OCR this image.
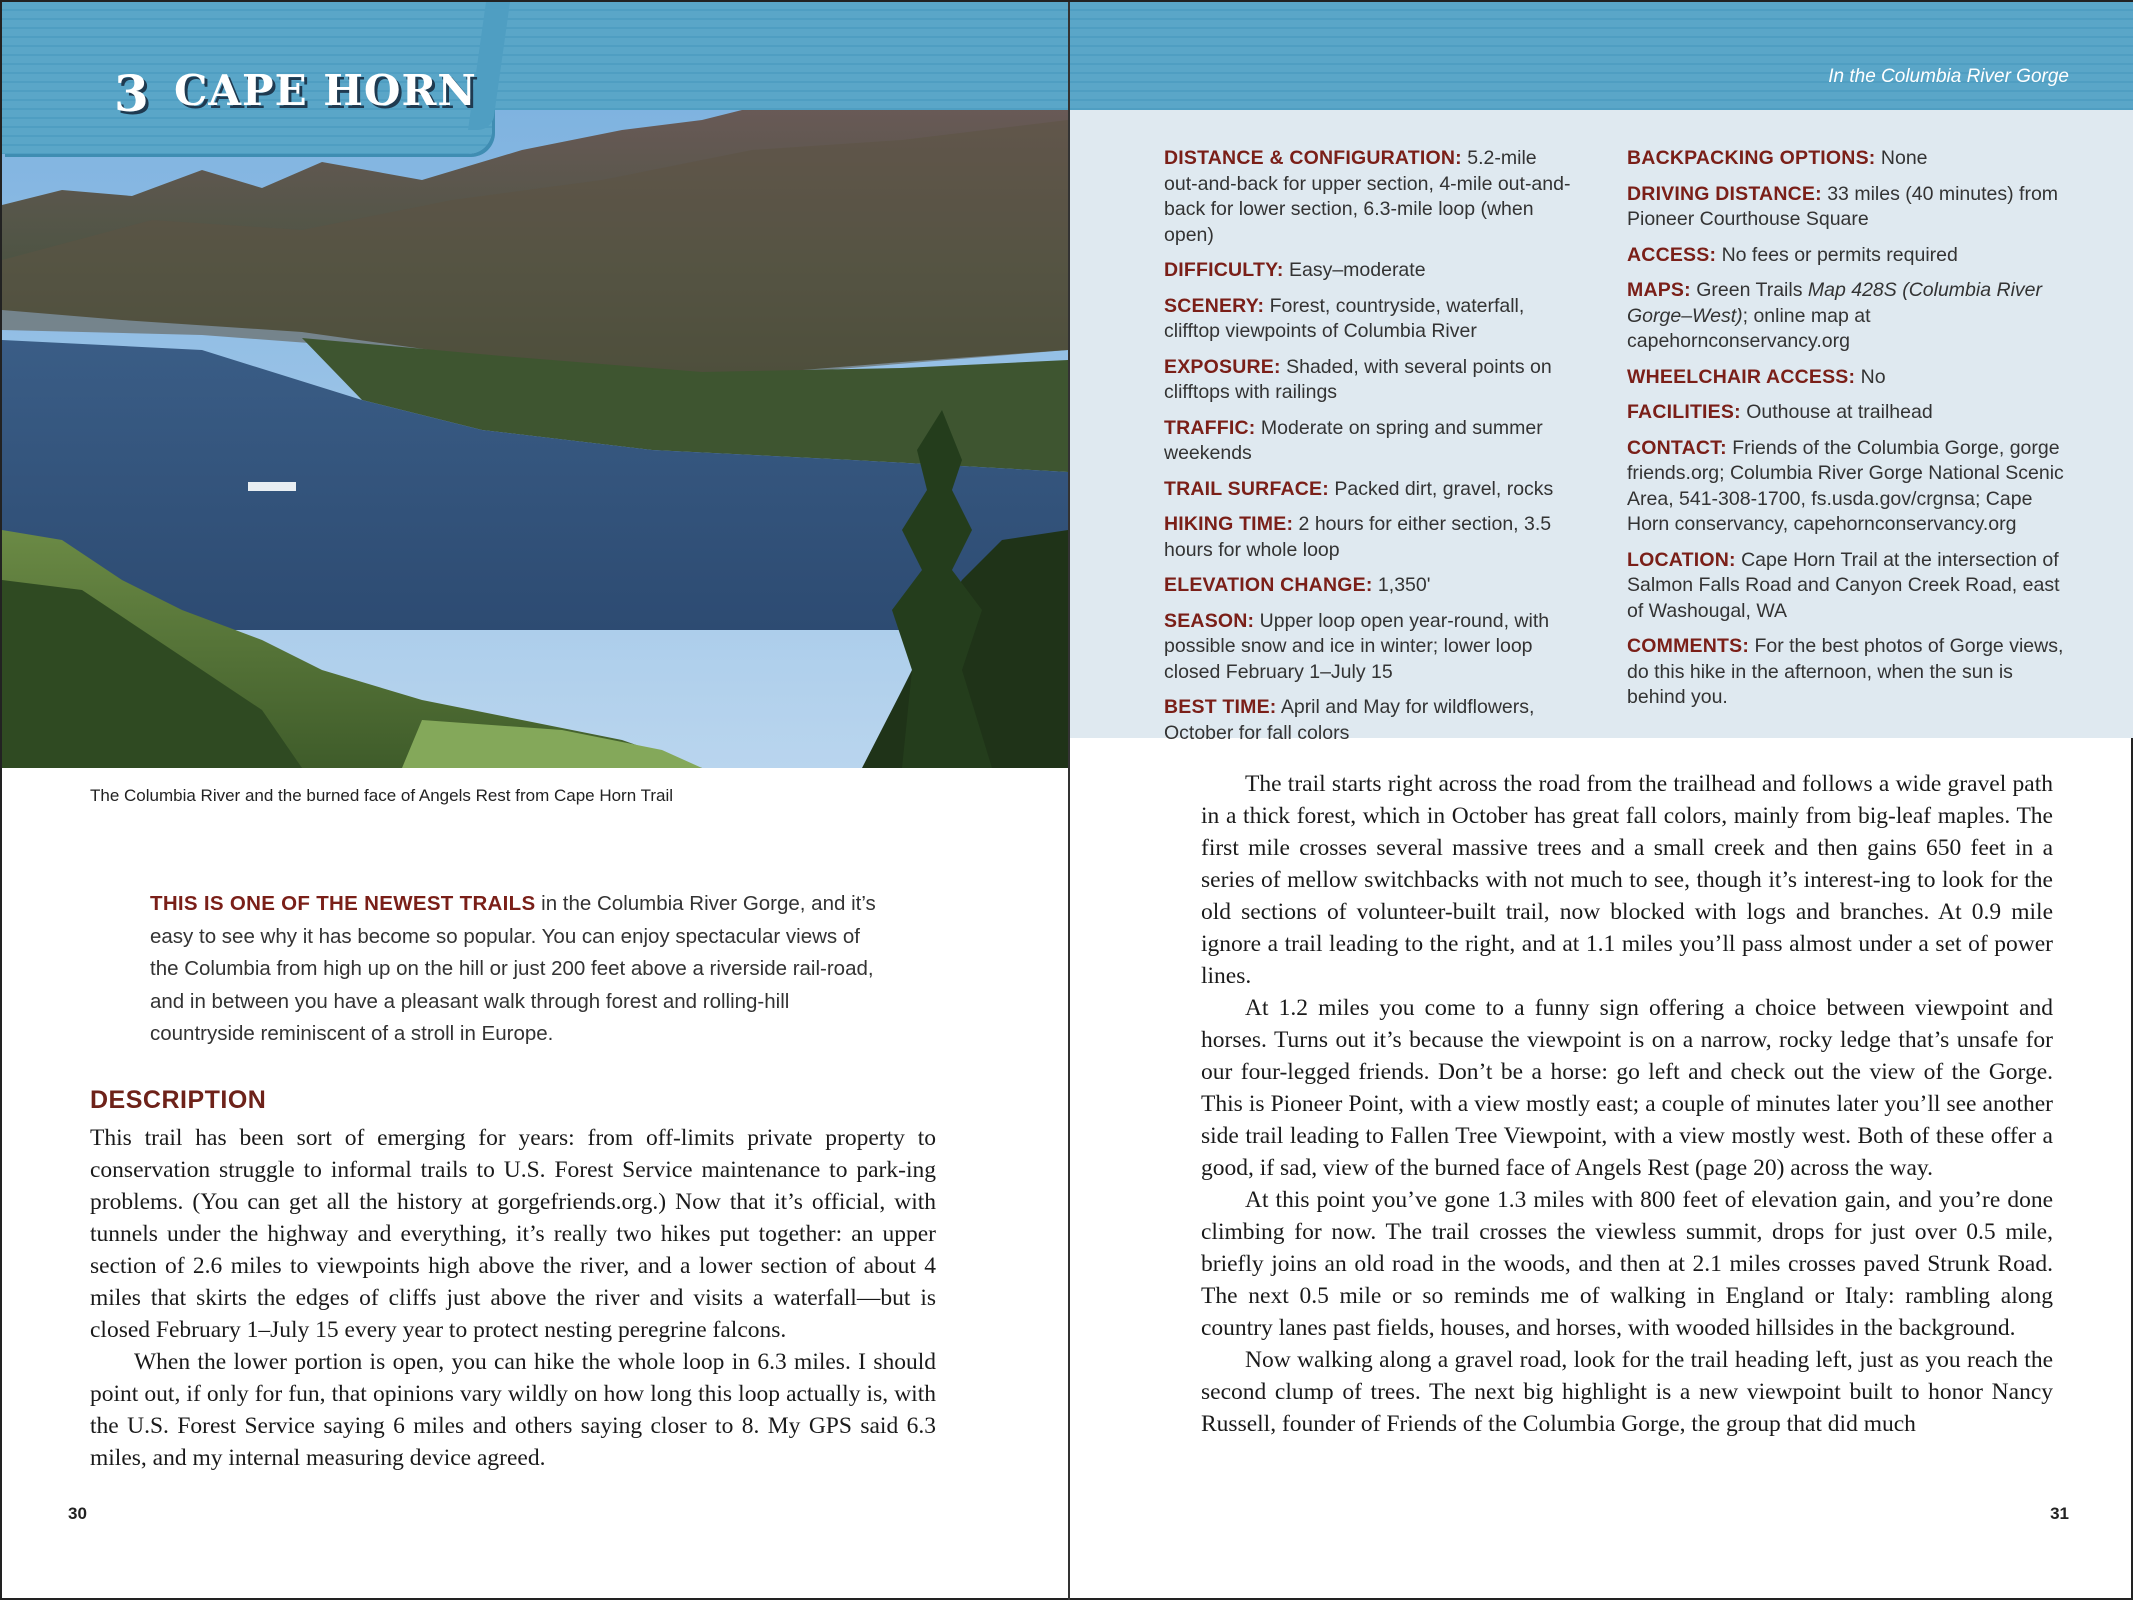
3 CAPE HORN
The Columbia River and the burned face of Angels Rest from Cape Horn Trail
THIS IS ONE OF THE NEWEST TRAILS in the Columbia River Gorge, and it’s easy to see why it has become so popular. You can enjoy spectacular views of the Columbia from high up on the hill or just 200 feet above a riverside rail-road, and in between you have a pleasant walk through forest and rolling-hill countryside reminiscent of a stroll in Europe.
DESCRIPTION

This trail has been sort of emerging for years: from off-limits private property to conservation struggle to informal trails to U.S. Forest Service maintenance to park-ing problems. (You can get all the history at gorgefriends.org.) Now that it’s official, with tunnels under the highway and everything, it’s really two hikes put together: an upper section of 2.6 miles to viewpoints high above the river, and a lower section of about 4 miles that skirts the edges of cliffs just above the river and visits a waterfall—but is closed February 1–July 15 every year to protect nesting peregrine falcons.

When the lower portion is open, you can hike the whole loop in 6.3 miles. I should point out, if only for fun, that opinions vary wildly on how long this loop actually is, with the U.S. Forest Service saying 6 miles and others saying closer to 8. My GPS said 6.3 miles, and my internal measuring device agreed.

30
In the Columbia River Gorge
DISTANCE & CONFIGURATION: 5.2-mile out-and-back for upper section, 4-mile out-and-back for lower section, 6.3-mile loop (when open)
DIFFICULTY: Easy–moderate
SCENERY: Forest, countryside, waterfall, clifftop viewpoints of Columbia River
EXPOSURE: Shaded, with several points on clifftops with railings
TRAFFIC: Moderate on spring and summer weekends
TRAIL SURFACE: Packed dirt, gravel, rocks
HIKING TIME: 2 hours for either section, 3.5 hours for whole loop
ELEVATION CHANGE: 1,350'
SEASON: Upper loop open year-round, with possible snow and ice in winter; lower loop closed February 1–July 15
BEST TIME: April and May for wildflowers, October for fall colors
BACKPACKING OPTIONS: None
DRIVING DISTANCE: 33 miles (40 minutes) from Pioneer Courthouse Square
ACCESS: No fees or permits required
MAPS: Green Trails Map 428S (Columbia River Gorge–West); online map at capehornconservancy.org
WHEELCHAIR ACCESS: No
FACILITIES: Outhouse at trailhead
CONTACT: Friends of the Columbia Gorge, gorge friends.org; Columbia River Gorge National Scenic Area, 541-308-1700, fs.usda.gov/crgnsa; Cape Horn conservancy, capehornconservancy.org
LOCATION: Cape Horn Trail at the intersection of Salmon Falls Road and Canyon Creek Road, east of Washougal, WA
COMMENTS: For the best photos of Gorge views, do this hike in the afternoon, when the sun is behind you.

The trail starts right across the road from the trailhead and follows a wide gravel path in a thick forest, which in October has great fall colors, mainly from big-leaf maples. The first mile crosses several massive trees and a small creek and then gains 650 feet in a series of mellow switchbacks with not much to see, though it’s interest-ing to look for the old sections of volunteer-built trail, now blocked with logs and branches. At 0.9 mile ignore a trail leading to the right, and at 1.1 miles you’ll pass almost under a set of power lines.

At 1.2 miles you come to a funny sign offering a choice between viewpoint and horses. Turns out it’s because the viewpoint is on a narrow, rocky ledge that’s unsafe for our four-legged friends. Don’t be a horse: go left and check out the view of the Gorge. This is Pioneer Point, with a view mostly east; a couple of minutes later you’ll see another side trail leading to Fallen Tree Viewpoint, with a view mostly west. Both of these offer a good, if sad, view of the burned face of Angels Rest (page 20) across the way.

At this point you’ve gone 1.3 miles with 800 feet of elevation gain, and you’re done climbing for now. The trail crosses the viewless summit, drops for just over 0.5 mile, briefly joins an old road in the woods, and then at 2.1 miles crosses paved Strunk Road. The next 0.5 mile or so reminds me of walking in England or Italy: rambling along country lanes past fields, houses, and horses, with wooded hillsides in the background.

Now walking along a gravel road, look for the trail heading left, just as you reach the second clump of trees. The next big highlight is a new viewpoint built to honor Nancy Russell, founder of Friends of the Columbia Gorge, the group that did much

31
